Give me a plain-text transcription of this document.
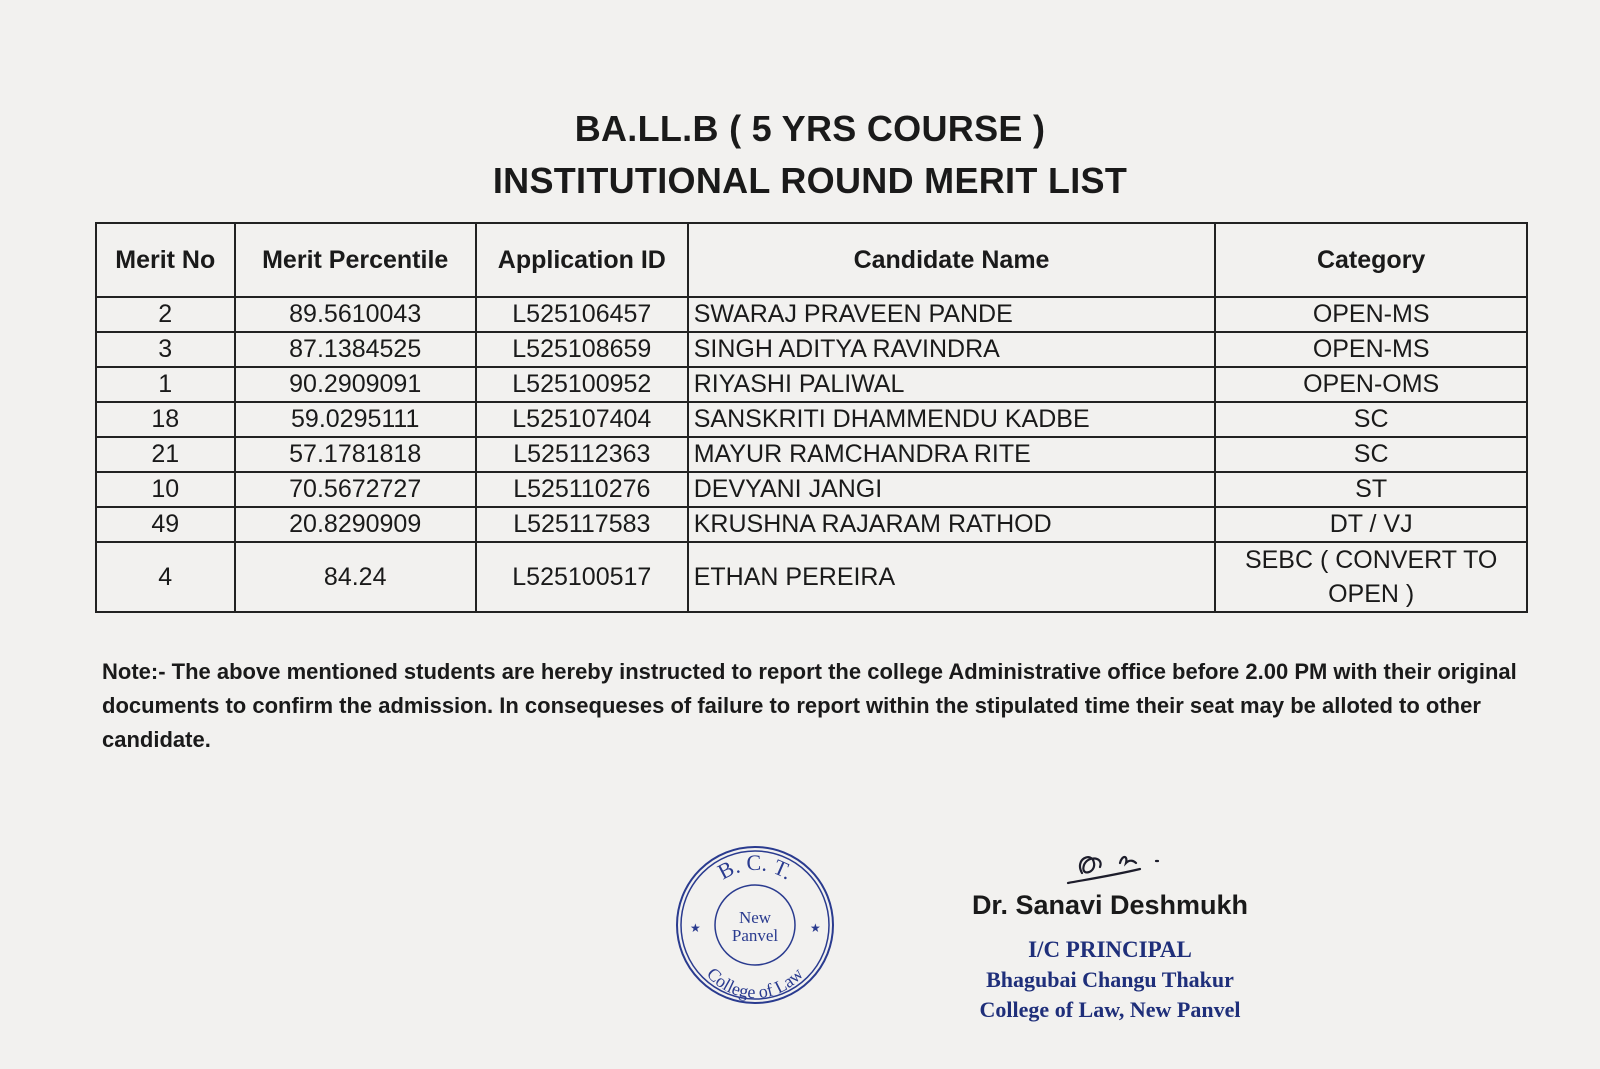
BA.LL.B ( 5 YRS COURSE )
INSTITUTIONAL ROUND MERIT LIST
Merit No	Merit Percentile	Application ID	Candidate Name	Category
2	89.5610043	L525106457	SWARAJ PRAVEEN PANDE	OPEN-MS
3	87.1384525	L525108659	SINGH ADITYA RAVINDRA	OPEN-MS
1	90.2909091	L525100952	RIYASHI PALIWAL	OPEN-OMS
18	59.0295111	L525107404	SANSKRITI DHAMMENDU KADBE	SC
21	57.1781818	L525112363	MAYUR RAMCHANDRA RITE	SC
10	70.5672727	L525110276	DEVYANI JANGI	ST
49	20.8290909	L525117583	KRUSHNA RAJARAM RATHOD	DT / VJ
4	84.24	L525100517	ETHAN PEREIRA	SEBC ( CONVERT TO OPEN )
Note:- The above mentioned students are hereby instructed to report the college Administrative office before 2.00 PM with their original documents to confirm the admission. In consequeses of failure to report within the stipulated time their seat may be alloted to other candidate.
B. C. T.
New
Panvel
College of Law
★	★
Dr. Sanavi Deshmukh
I/C PRINCIPAL
Bhagubai Changu Thakur
College of Law, New Panvel
